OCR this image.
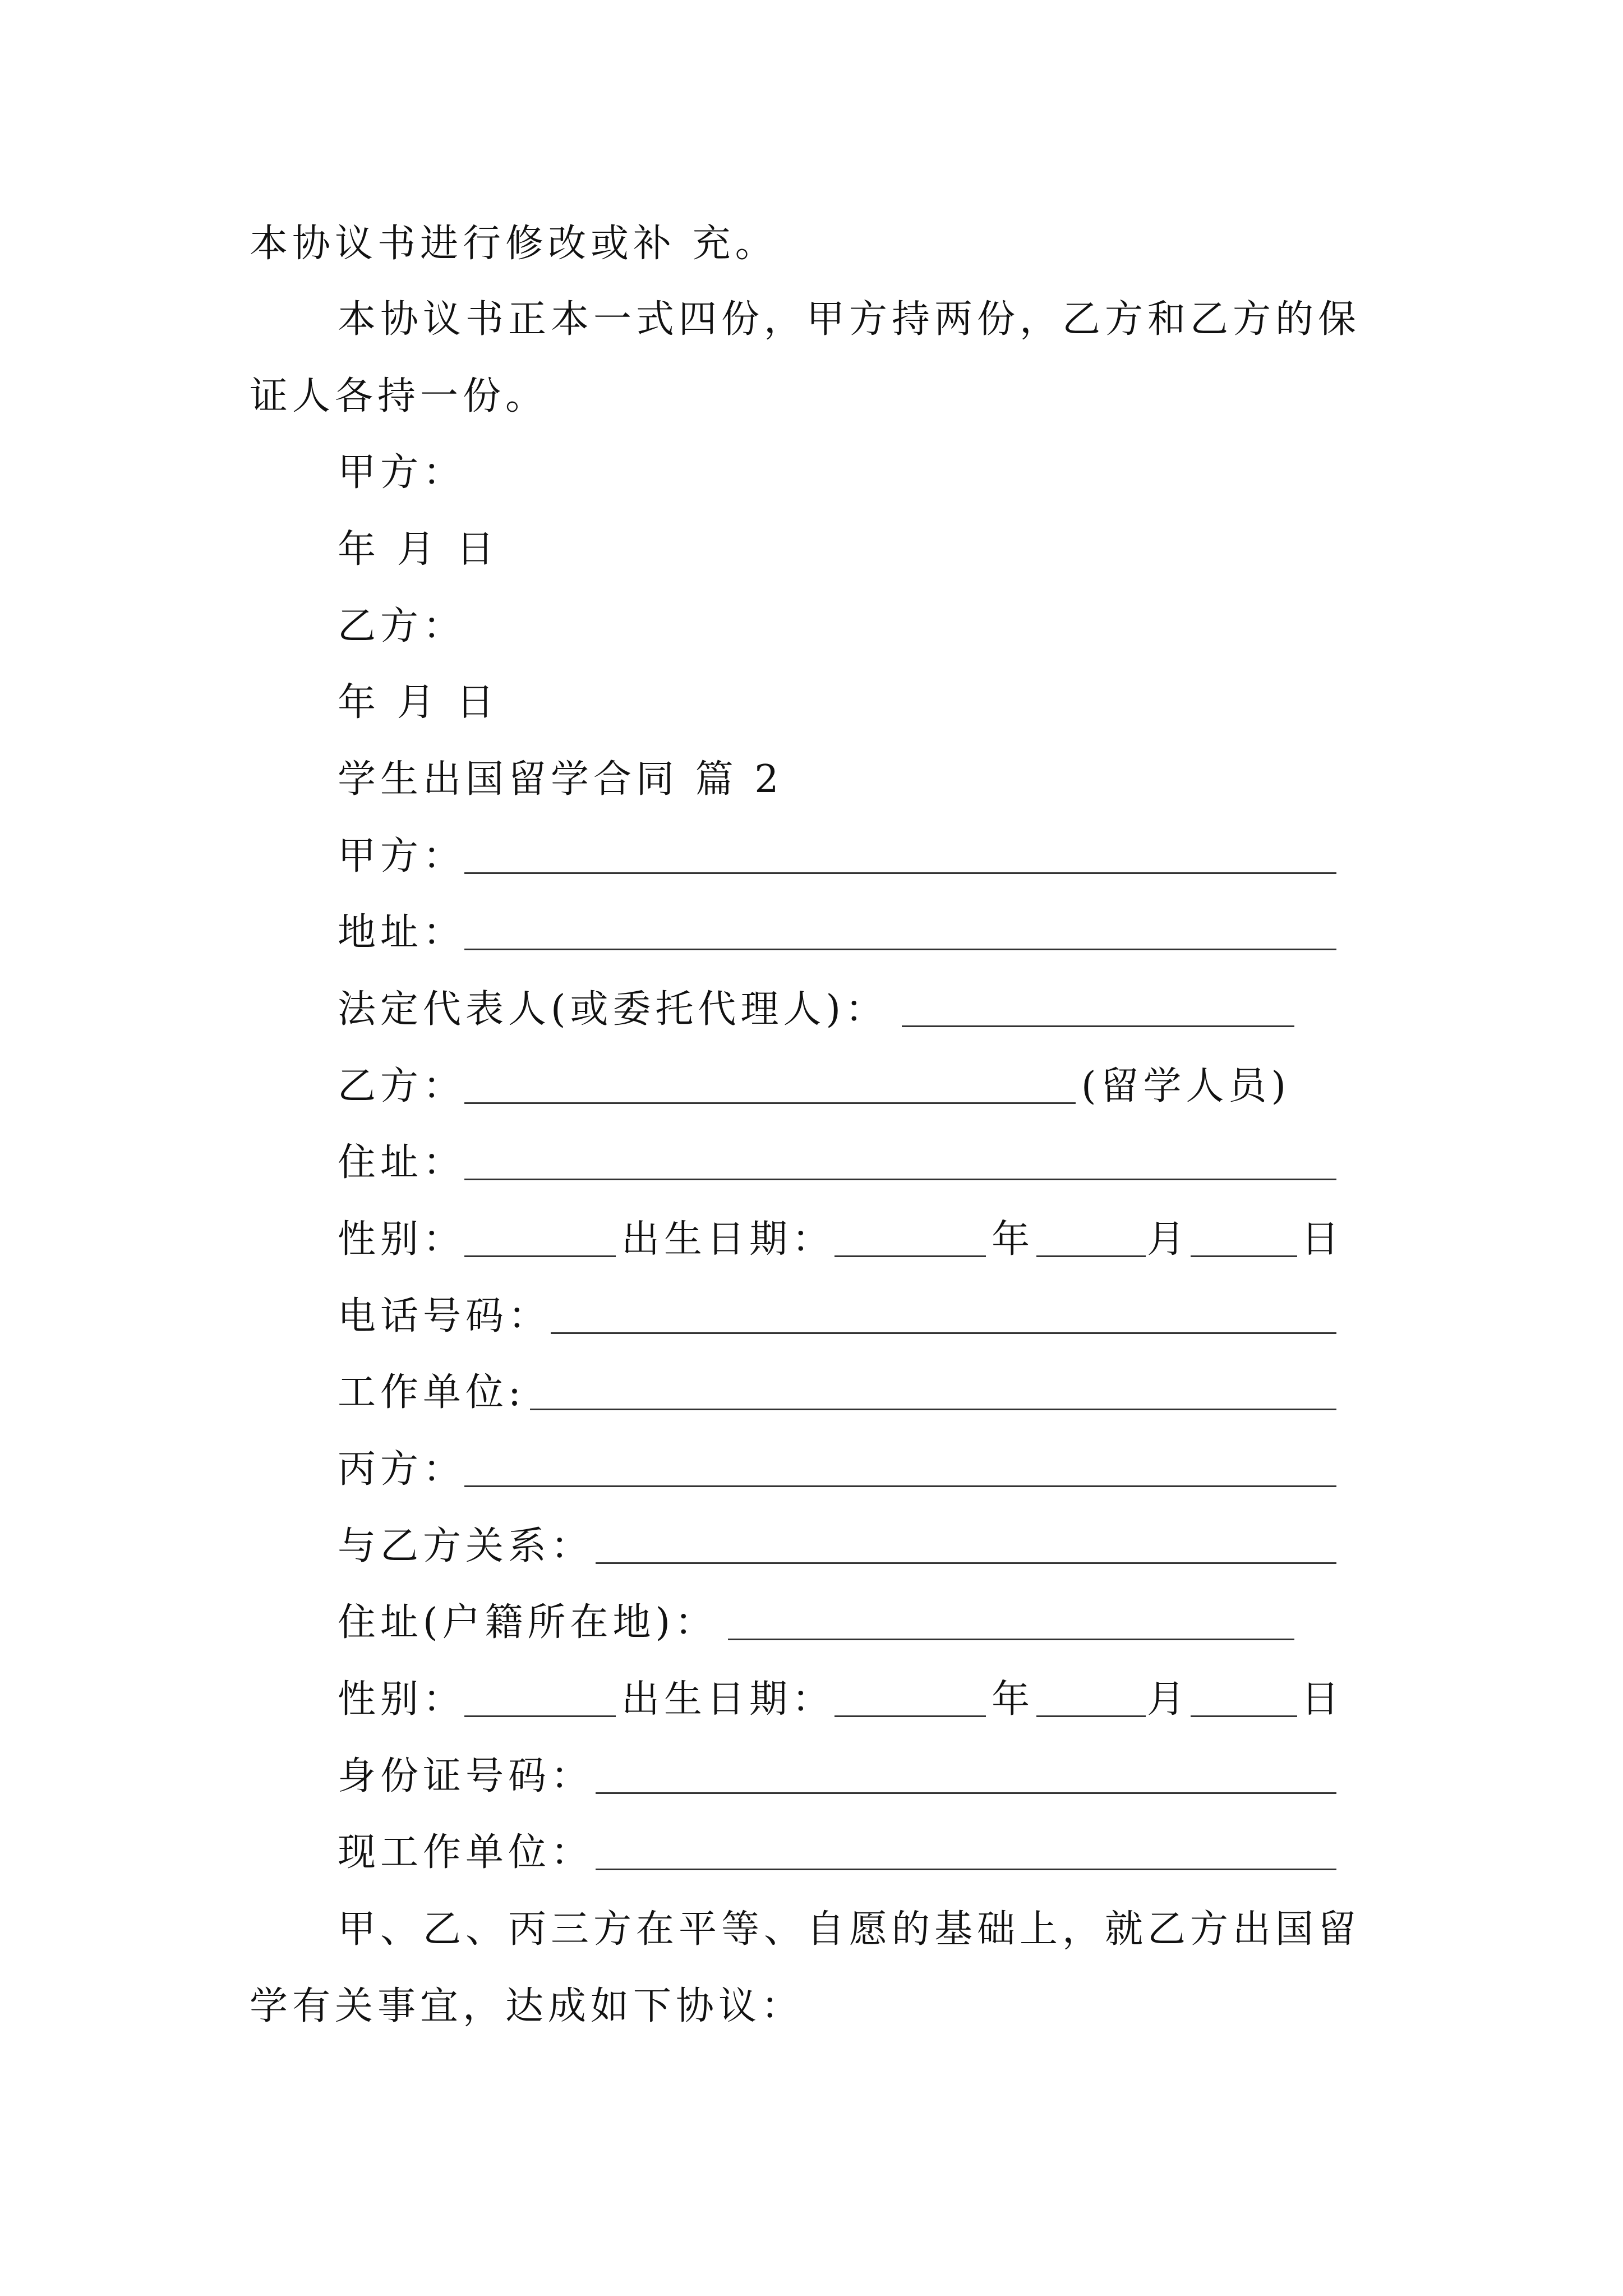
本协议书进行修改或补 充。
本协议书正本一式四份，甲方持两份，乙方和乙方的保
证人各持一份。
甲方：
年 月 日
乙方：
年 月 日
学生出国留学合同 篇 2
甲方：
地址：
法定代表人(或委托代理人)：
乙方：	(留学人员)
住址：
性别：	出生日期：	年	月	日
电话号码：
工作单位:
丙方：
与乙方关系：
住址(户籍所在地)：
性别：	出生日期：	年	月	日
身份证号码：
现工作单位：
甲、乙、丙三方在平等、自愿的基础上，就乙方出国留
学有关事宜，达成如下协议：
